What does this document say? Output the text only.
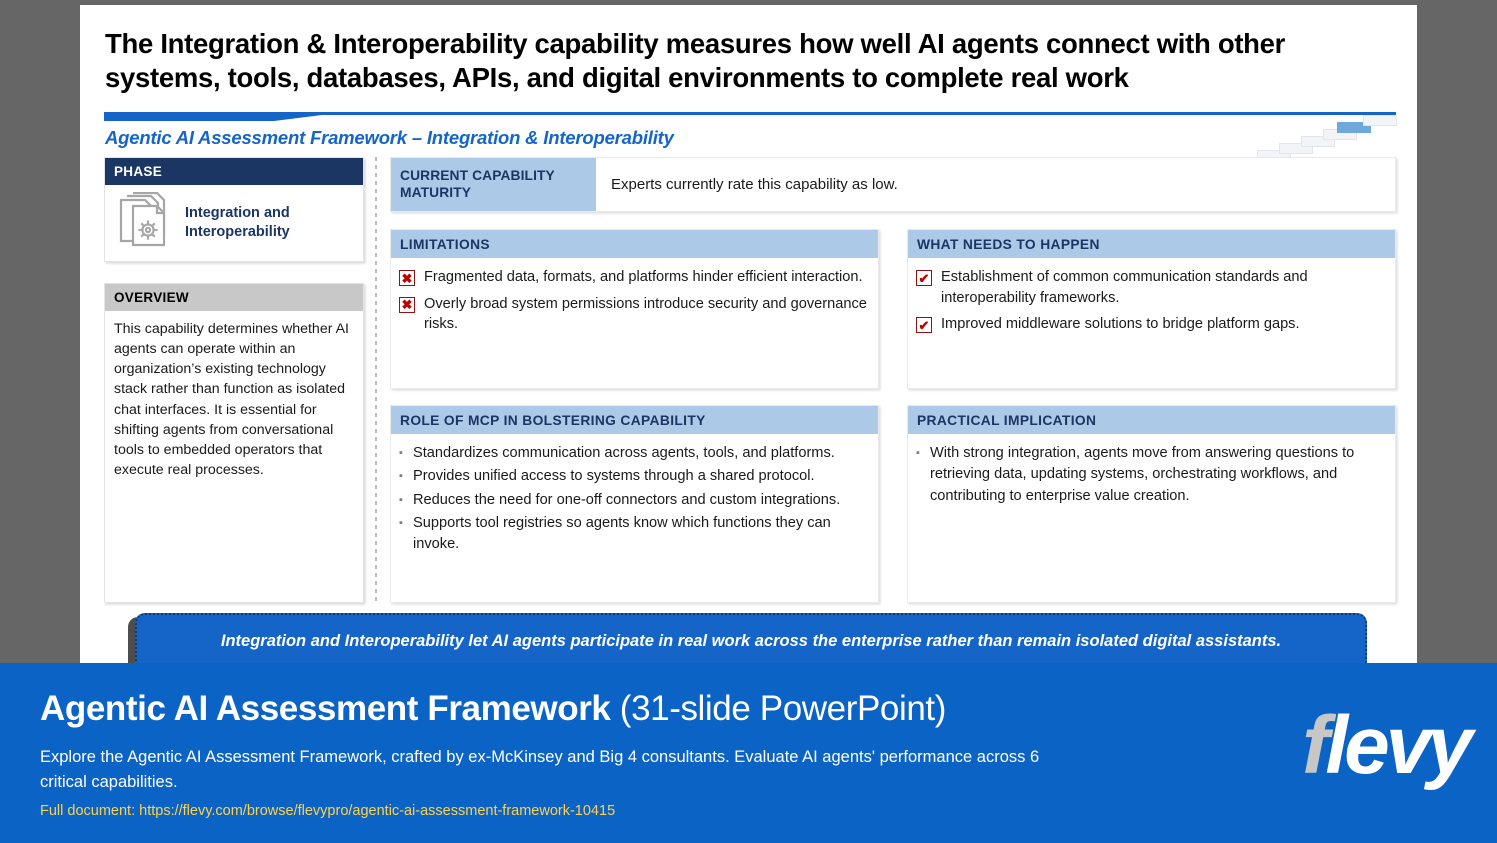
The Integration & Interoperability capability measures how well AI agents connect with other systems, tools, databases, APIs, and digital environments to complete real work
Agentic AI Assessment Framework – Integration & Interoperability
PHASE
Integration and Interoperability
OVERVIEW
This capability determines whether AI agents can operate within an organization’s existing technology stack rather than function as isolated chat interfaces. It is essential for shifting agents from conversational tools to embedded operators that execute real processes.
CURRENT CAPABILITY
MATURITY	Experts currently rate this capability as low.
LIMITATIONS
✖ Fragmented data, formats, and platforms hinder efficient interaction.
✖ Overly broad system permissions introduce security and governance risks.
WHAT NEEDS TO HAPPEN
✔ Establishment of common communication standards and interoperability frameworks.
✔ Improved middleware solutions to bridge platform gaps.
ROLE OF MCP IN BOLSTERING CAPABILITY
▪ Standardizes communication across agents, tools, and platforms.
▪ Provides unified access to systems through a shared protocol.
▪ Reduces the need for one-off connectors and custom integrations.
▪ Supports tool registries so agents know which functions they can invoke.
PRACTICAL IMPLICATION
▪ With strong integration, agents move from answering questions to retrieving data, updating systems, orchestrating workflows, and contributing to enterprise value creation.
Integration and Interoperability let AI agents participate in real work across the enterprise rather than remain isolated digital assistants.
Agentic AI Assessment Framework (31-slide PowerPoint)
Explore the Agentic AI Assessment Framework, crafted by ex-McKinsey and Big 4 consultants. Evaluate AI agents' performance across 6 critical capabilities.
Full document: https://flevy.com/browse/flevypro/agentic-ai-assessment-framework-10415
flevy
